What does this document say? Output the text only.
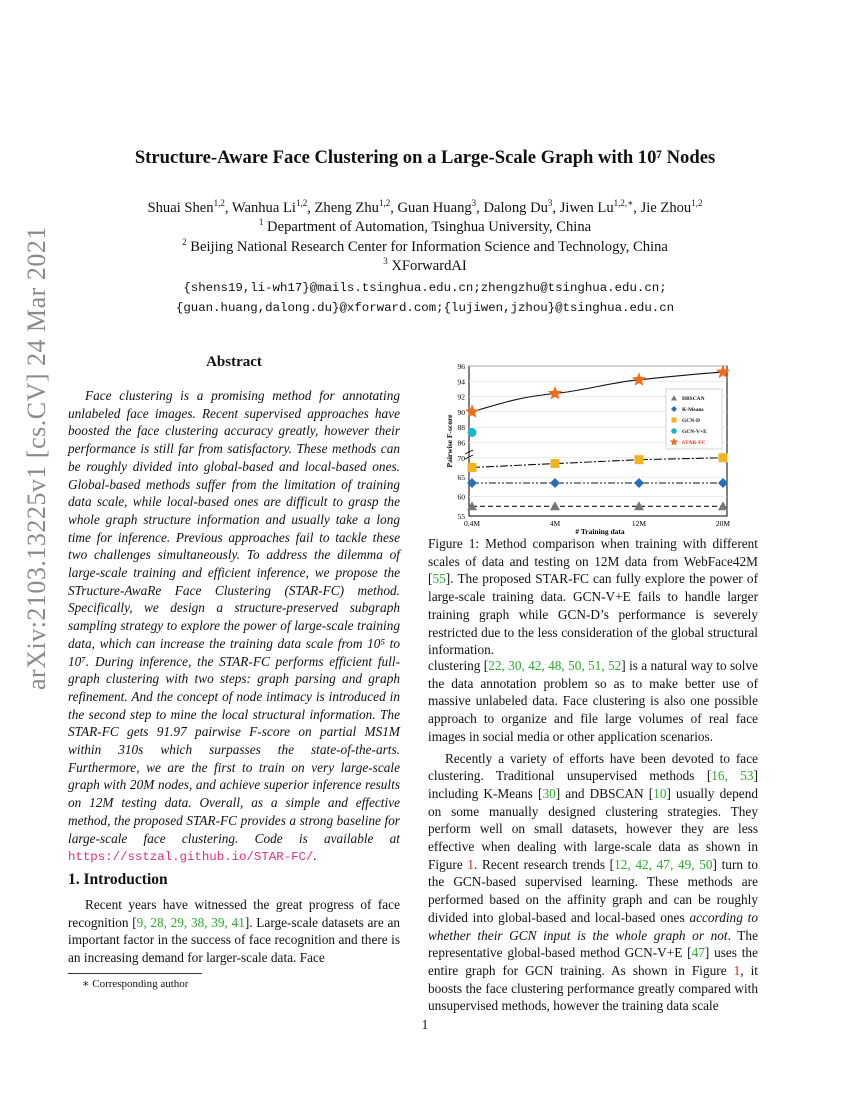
arXiv:2103.13225v1 [cs.CV] 24 Mar 2021
Structure-Aware Face Clustering on a Large-Scale Graph with 10⁷ Nodes
Shuai Shen$^{1,2}$, Wanhua Li$^{1,2}$, Zheng Zhu$^{1,2}$, Guan Huang$^3$, Dalong Du$^3$, Jiwen $Lu^{1,2,∗}$, Jie Zhou$^{1,2}$
$^1$ Department of Automation, Tsinghua University, China
$^2$ Beijing National Research Center for Information Science and Technology, China
$^3$ XForwardAI
{shens19,li-wh17}@mails.tsinghua.edu.cn;zhengzhu@tsinghua.edu.cn;
{guan.huang,dalong.du}@xforward.com;{lujiwen,jzhou}@tsinghua.edu.cn
Abstract

Face clustering is a promising method for annotating unlabeled face images. Recent supervised approaches have boosted the face clustering accuracy greatly, however their performance is still far from satisfactory. These methods can be roughly divided into global-based and local-based ones. Global-based methods suffer from the limitation of training data scale, while local-based ones are difficult to grasp the whole graph structure information and usually take a long time for inference. Previous approaches fail to tackle these two challenges simultaneously. To address the dilemma of large-scale training and efficient inference, we propose the STructure-AwaRe Face Clustering (STAR-FC) method. Specifically, we design a structure-preserved subgraph sampling strategy to explore the power of large-scale training data, which can increase the training data scale from 10⁵ to 10⁷. During inference, the STAR-FC performs efficient full-graph clustering with two steps: graph parsing and graph refinement. And the concept of node intimacy is introduced in the second step to mine the local structural information. The STAR-FC gets 91.97 pairwise F-score on partial MS1M within 310s which surpasses the state-of-the-arts. Furthermore, we are the first to train on very large-scale graph with 20M nodes, and achieve superior inference results on 12M testing data. Overall, as a simple and effective method, the proposed STAR-FC provides a strong baseline for large-scale face clustering. Code is available at https://sstzal.github.io/STAR-FC/.

1. Introduction

Recent years have witnessed the great progress of face recognition [9, 28, 29, 38, 39, 41]. Large-scale datasets are an important factor in the success of face recognition and there is an increasing demand for larger-scale data. Face

∗ Corresponding author
1
96
94
92
90
88
86
70
65
60
55
0.4M	4M	12M	20M
# Training data
Pairwise F-score
DBSCAN
K-Means
GCN-D
GCN-V+E
STAR-FC

Figure 1: Method comparison when training with different scales of data and testing on 12M data from WebFace42M [55]. The proposed STAR-FC can fully explore the power of large-scale training data. GCN-V+E fails to handle larger training graph while GCN-D’s performance is severely restricted due to the less consideration of the global structural information.

clustering [22, 30, 42, 48, 50, 51, 52] is a natural way to solve the data annotation problem so as to make better use of massive unlabeled data. Face clustering is also one possible approach to organize and file large volumes of real face images in social media or other application scenarios.

Recently a variety of efforts have been devoted to face clustering. Traditional unsupervised methods [16, 53] including K-Means [30] and DBSCAN [10] usually depend on some manually designed clustering strategies. They perform well on small datasets, however they are less effective when dealing with large-scale data as shown in Figure 1. Recent research trends [12, 42, 47, 49, 50] turn to the GCN-based supervised learning. These methods are performed based on the affinity graph and can be roughly divided into global-based and local-based ones according to whether their GCN input is the whole graph or not. The representative global-based method GCN-V+E [47] uses the entire graph for GCN training. As shown in Figure 1, it boosts the face clustering performance greatly compared with unsupervised methods, however the training data scale
